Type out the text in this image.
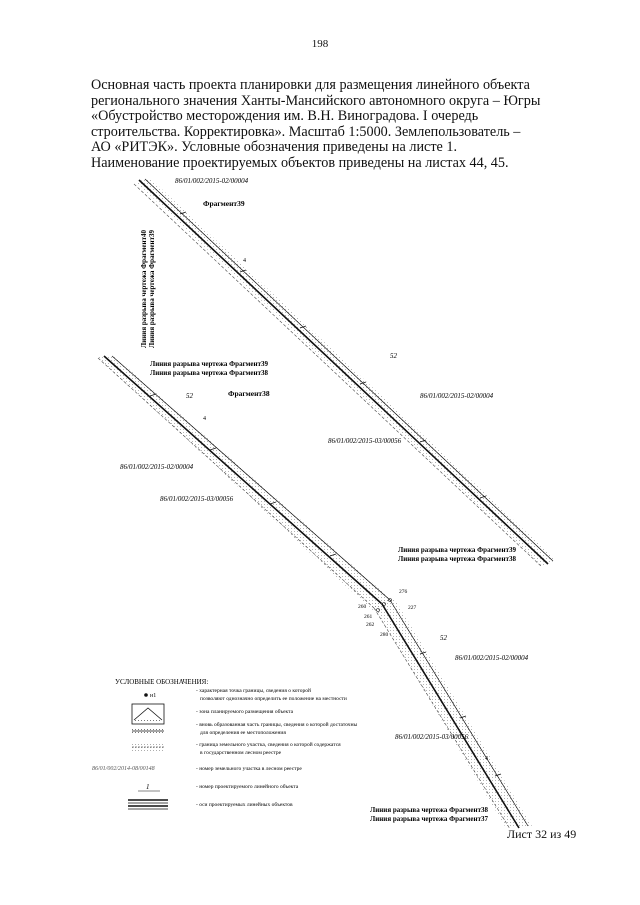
198
Основная часть проекта планировки для размещения линейного объекта
регионального значения Ханты-Мансийского автономного округа – Югры
«Обустройство месторождения им. В.Н. Виноградова. I очередь
строительства. Корректировка». Масштаб 1:5000. Землепользователь –
АО «РИТЭК». Условные обозначения приведены на листе 1.
Наименование проектируемых объектов приведены на листах 44, 45.
86/01/002/2015-02/00004
Фрагмент39
Линия разрыва чертежа Фрагмент40 Линия разрыва чертежа Фрагмент39	4
Линия разрыва чертежа Фрагмент39
Линия разрыва чертежа Фрагмент38
52
86/01/002/2015-02/00004
86/01/002/2015-03/00056
Фрагмент38
52
4
86/01/002/2015-02/00004
86/01/002/2015-03/00056
Линия разрыва чертежа Фрагмент39
Линия разрыва чертежа Фрагмент38
276
227
260
261
262
280	52
86/01/002/2015-02/00004
86/01/002/2015-03/00056
4
Линия разрыва чертежа Фрагмент38
Линия разрыва чертежа Фрагмент37
УСЛОВНЫЕ ОБОЗНАЧЕНИЯ:
н1
- характерная точка границы, сведения о которой
позволяют однозначно определить ее положение на местности
- зона планируемого размещения объекта
- вновь образованная часть границы, сведения о которой достаточны
для определения ее местоположения
- граница земельного участка, сведения о которой содержатся
в государственном лесном реестре
86/01/002/2014-08/00148	- номер земельного участка в лесном реестре
1	- номер проектируемого линейного объекта
- оси проектируемых линейных объектов
Лист 32 из 49
